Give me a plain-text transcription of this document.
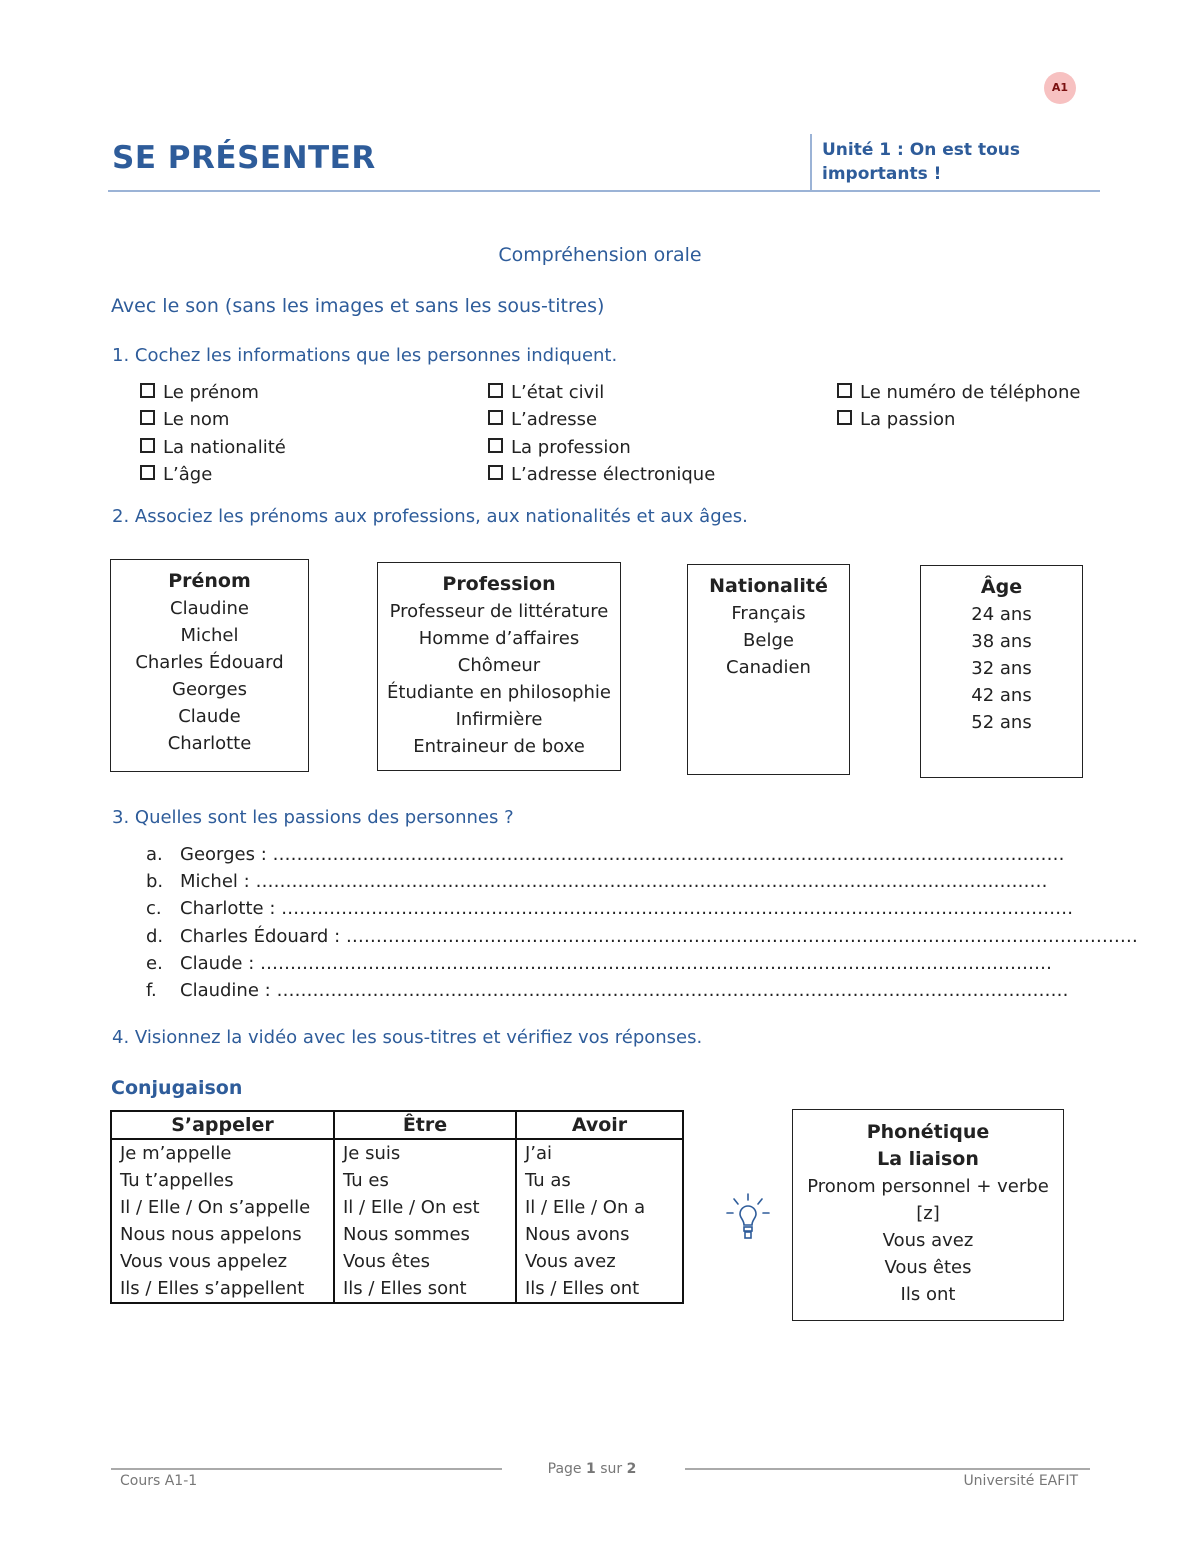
A1
SE PRÉSENTER	Unité 1 : On est tous
importants !
Compréhension orale
Avec le son (sans les images et sans les sous-titres)
1. Cochez les informations que les personnes indiquent.
Le prénom
Le nom
La nationalité
L’âge
L’état civil
L’adresse
La profession
L’adresse électronique
Le numéro de téléphone
La passion
2. Associez les prénoms aux professions, aux nationalités et aux âges.
Prénom
Claudine
Michel
Charles Édouard
Georges
Claude
Charlotte
Profession
Professeur de littérature
Homme d’affaires
Chômeur
Étudiante en philosophie
Infirmière
Entraineur de boxe
Nationalité
Français
Belge
Canadien
Âge
24 ans
38 ans
32 ans
42 ans
52 ans
3. Quelles sont les passions des personnes ?
a. Georges : ……………………………………………………………………………………………………………………
b. Michel : ……………………………………………………………………………………………………………………
c. Charlotte : ……………………………………………………………………………………………………………………
d. Charles Édouard : ……………………………………………………………………………………………………………………
e. Claude : ……………………………………………………………………………………………………………………
f. Claudine : ……………………………………………………………………………………………………………………
4. Visionnez la vidéo avec les sous-titres et vérifiez vos réponses.
Conjugaison
S’appeler	Être	Avoir
Je m’appelle	Je suis	J’ai
Tu t’appelles	Tu es	Tu as
Il / Elle / On s’appelle	Il / Elle / On est	Il / Elle / On a
Nous nous appelons	Nous sommes	Nous avons
Vous vous appelez	Vous êtes	Vous avez
Ils / Elles s’appellent	Ils / Elles sont	Ils / Elles ont
Phonétique
La liaison
Pronom personnel + verbe
[z]
Vous avez
Vous êtes
Ils ont
Cours A1-1
Page 1 sur 2
Université EAFIT
